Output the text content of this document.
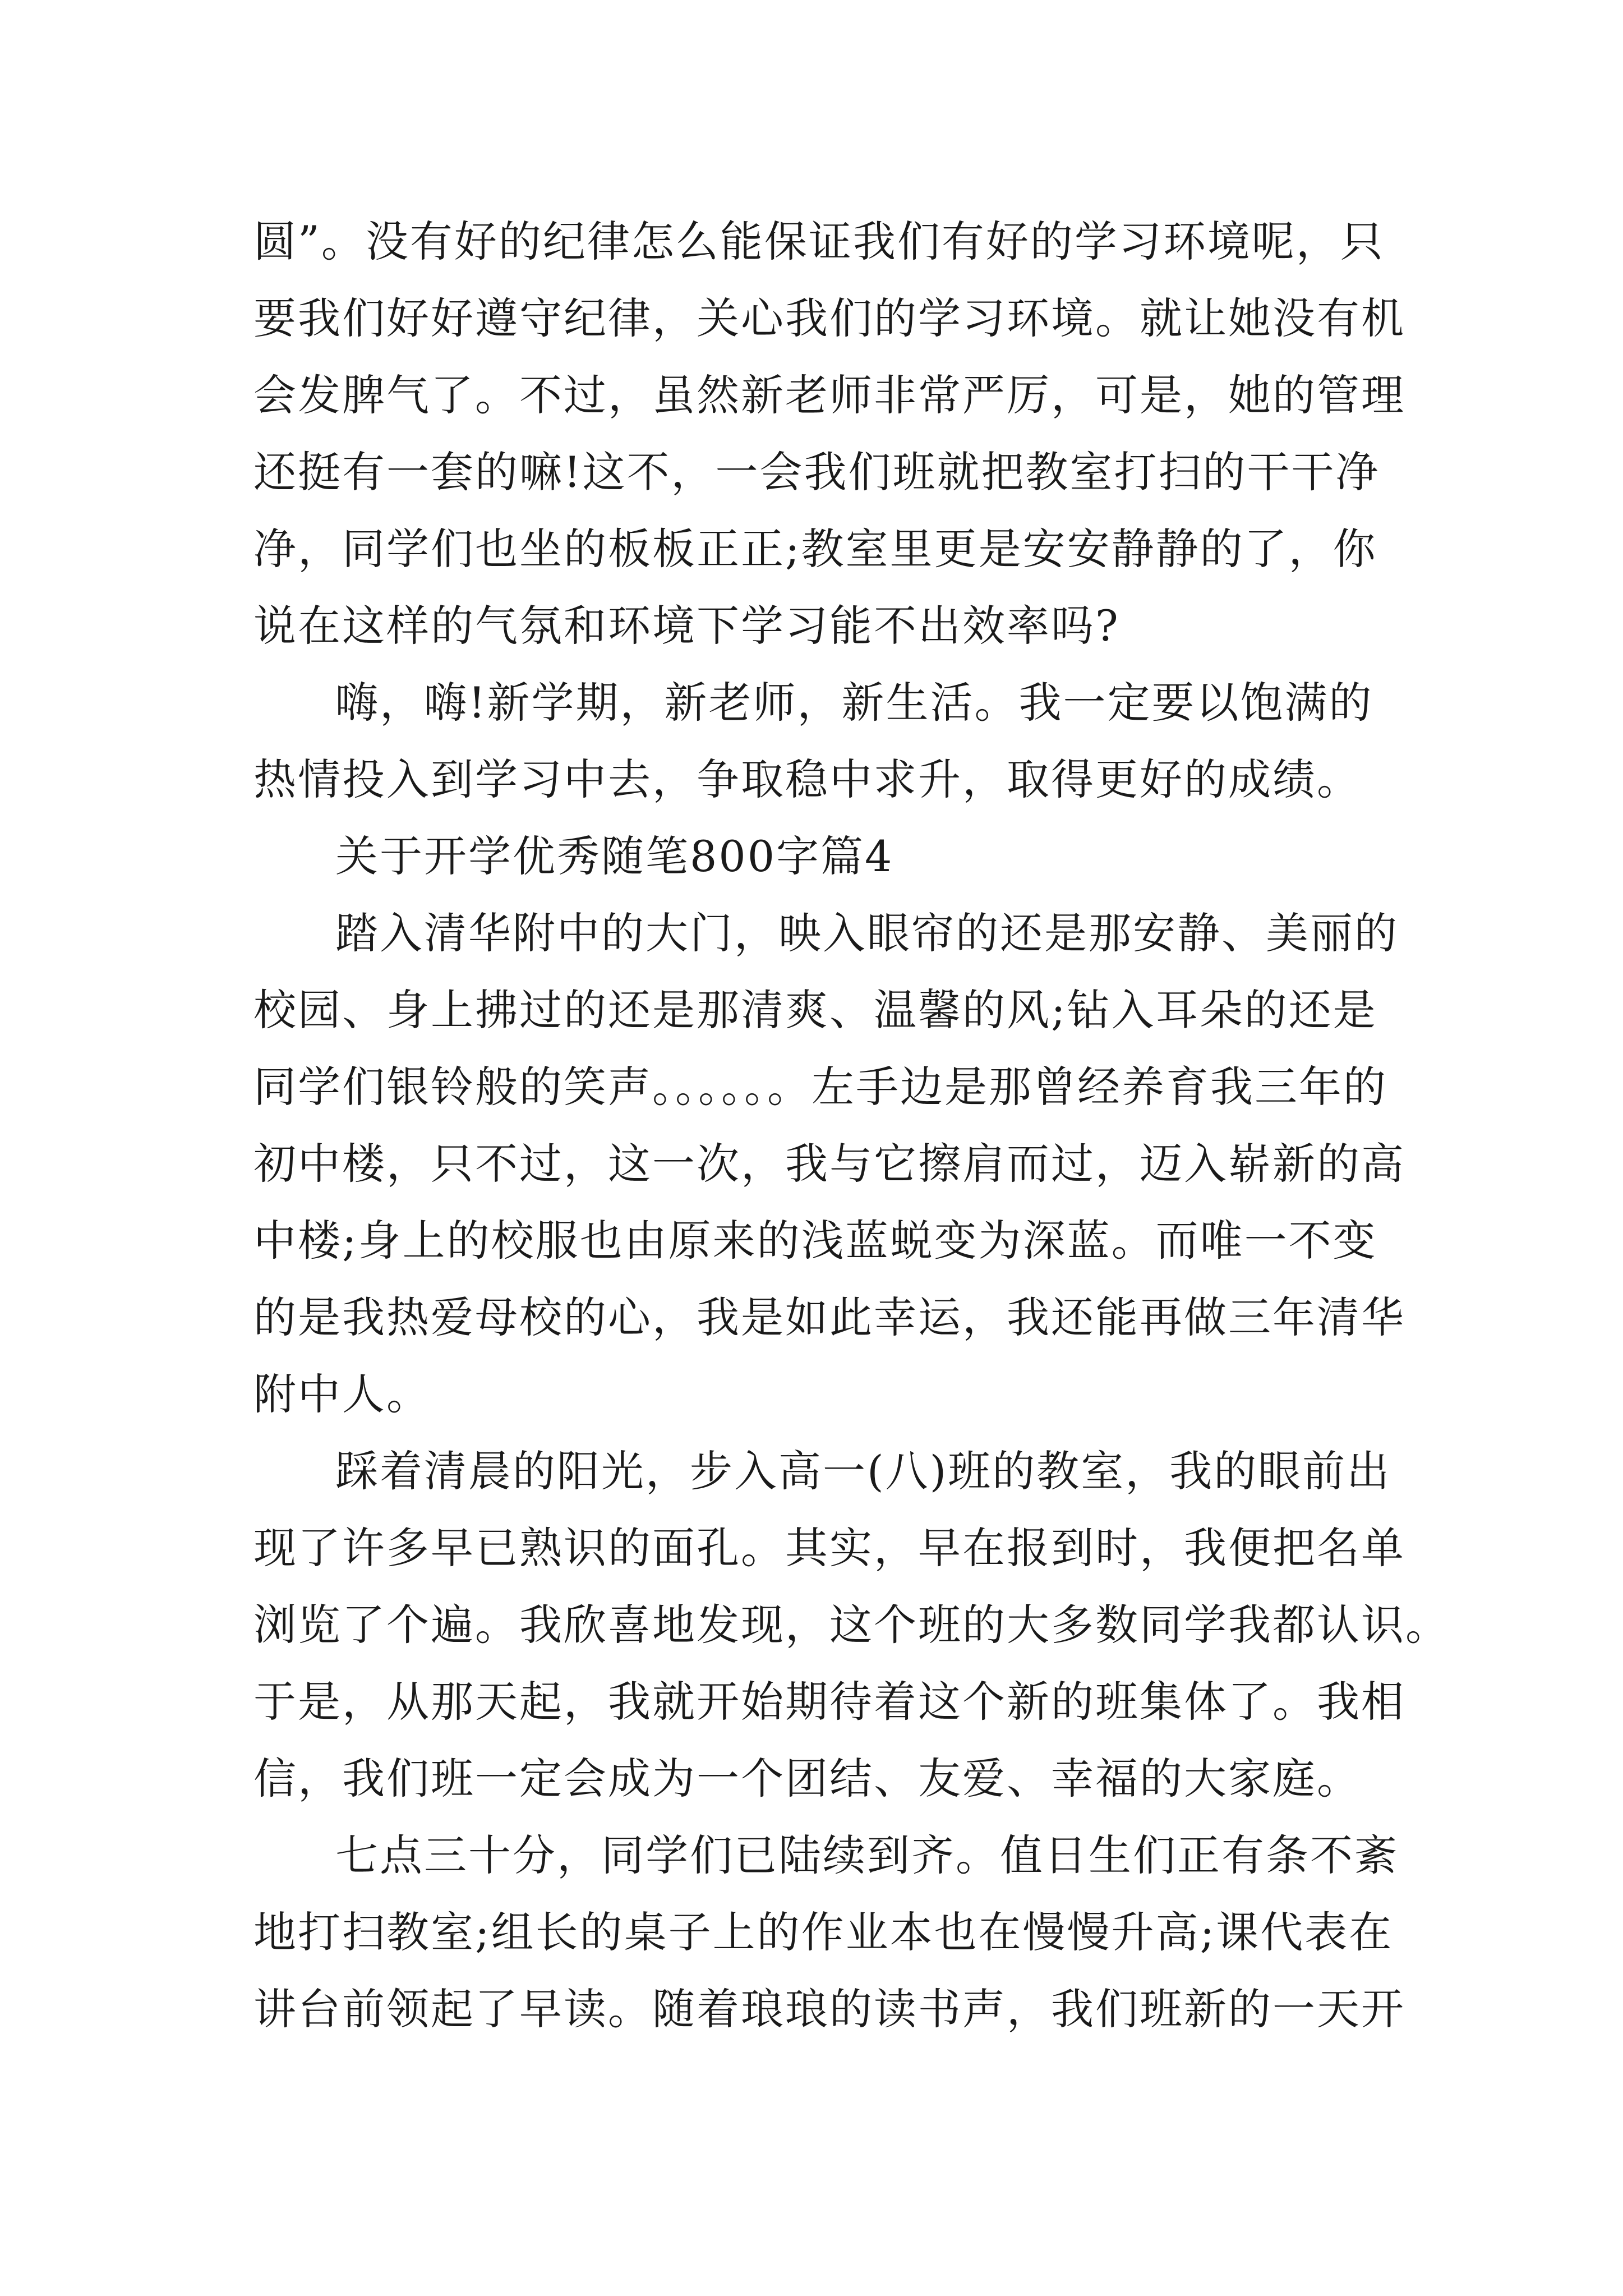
圆”。没有好的纪律怎么能保证我们有好的学习环境呢，只
要我们好好遵守纪律，关心我们的学习环境。就让她没有机
会发脾气了。不过，虽然新老师非常严厉，可是，她的管理
还挺有一套的嘛!这不，一会我们班就把教室打扫的干干净
净，同学们也坐的板板正正;教室里更是安安静静的了，你
说在这样的气氛和环境下学习能不出效率吗?
嗨，嗨!新学期，新老师，新生活。我一定要以饱满的
热情投入到学习中去，争取稳中求升，取得更好的成绩。
关于开学优秀随笔800字篇4
踏入清华附中的大门，映入眼帘的还是那安静、美丽的
校园、身上拂过的还是那清爽、温馨的风;钻入耳朵的还是
同学们银铃般的笑声。。。。。。左手边是那曾经养育我三年的
初中楼，只不过，这一次，我与它擦肩而过，迈入崭新的高
中楼;身上的校服也由原来的浅蓝蜕变为深蓝。而唯一不变
的是我热爱母校的心，我是如此幸运，我还能再做三年清华
附中人。
踩着清晨的阳光，步入高一(八)班的教室，我的眼前出
现了许多早已熟识的面孔。其实，早在报到时，我便把名单
浏览了个遍。我欣喜地发现，这个班的大多数同学我都认识。
于是，从那天起，我就开始期待着这个新的班集体了。我相
信，我们班一定会成为一个团结、友爱、幸福的大家庭。
七点三十分，同学们已陆续到齐。值日生们正有条不紊
地打扫教室;组长的桌子上的作业本也在慢慢升高;课代表在
讲台前领起了早读。随着琅琅的读书声，我们班新的一天开
